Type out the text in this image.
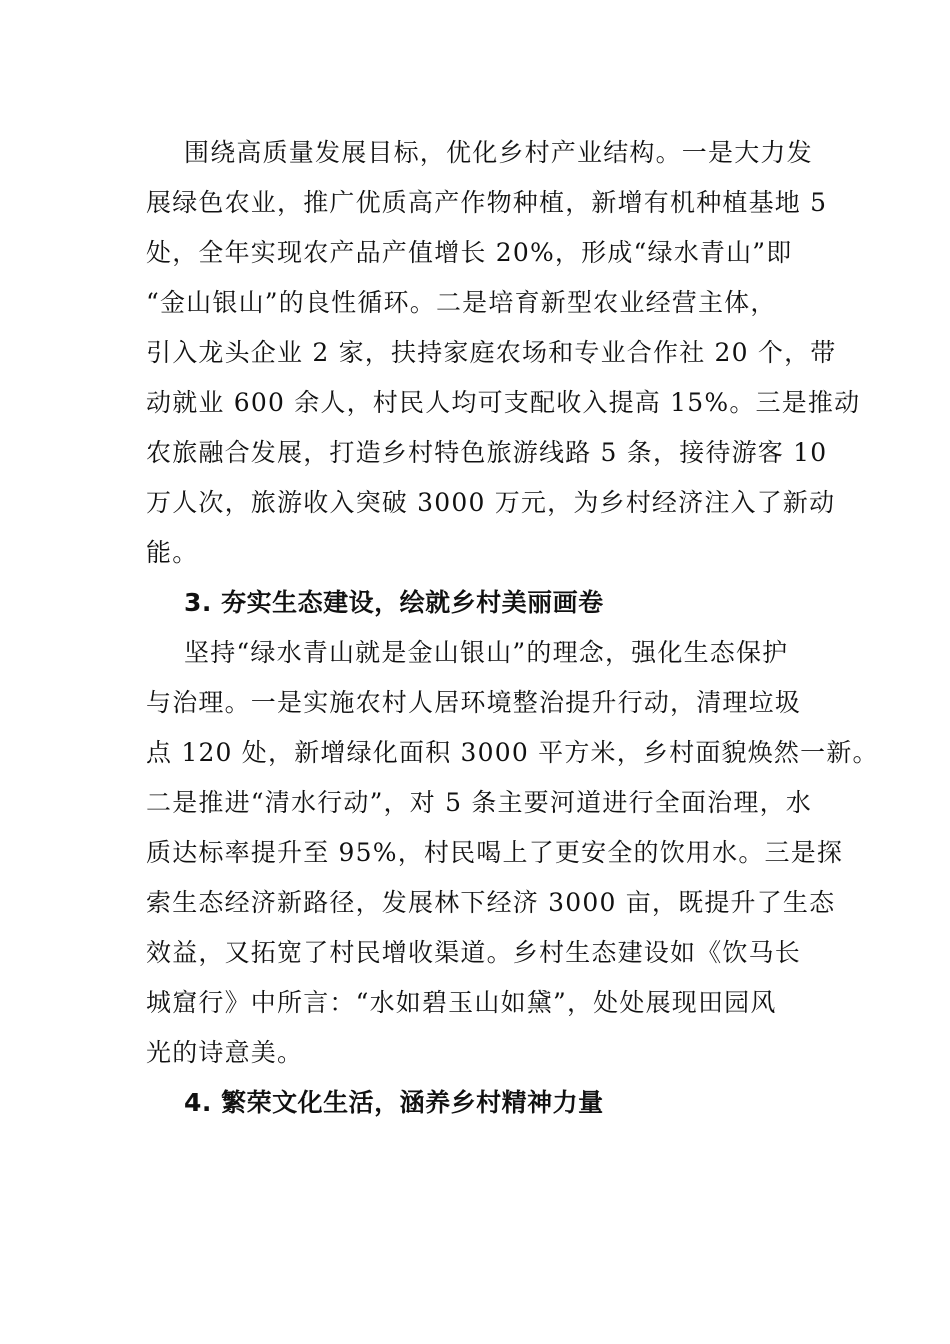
围绕高质量发展目标，优化乡村产业结构。一是大力发
展绿色农业，推广优质高产作物种植，新增有机种植基地 5
处，全年实现农产品产值增长 20%，形成“绿水青山”即
“金山银山”的良性循环。二是培育新型农业经营主体，
引入龙头企业 2 家，扶持家庭农场和专业合作社 20 个，带
动就业 600 余人，村民人均可支配收入提高 15%。三是推动
农旅融合发展，打造乡村特色旅游线路 5 条，接待游客 10
万人次，旅游收入突破 3000 万元，为乡村经济注入了新动
能。
3. 夯实生态建设，绘就乡村美丽画卷
坚持“绿水青山就是金山银山”的理念，强化生态保护
与治理。一是实施农村人居环境整治提升行动，清理垃圾
点 120 处，新增绿化面积 3000 平方米，乡村面貌焕然一新。
二是推进“清水行动”，对 5 条主要河道进行全面治理，水
质达标率提升至 95%，村民喝上了更安全的饮用水。三是探
索生态经济新路径，发展林下经济 3000 亩，既提升了生态
效益，又拓宽了村民增收渠道。乡村生态建设如《饮马长
城窟行》中所言：“水如碧玉山如黛”，处处展现田园风
光的诗意美。
4. 繁荣文化生活，涵养乡村精神力量
